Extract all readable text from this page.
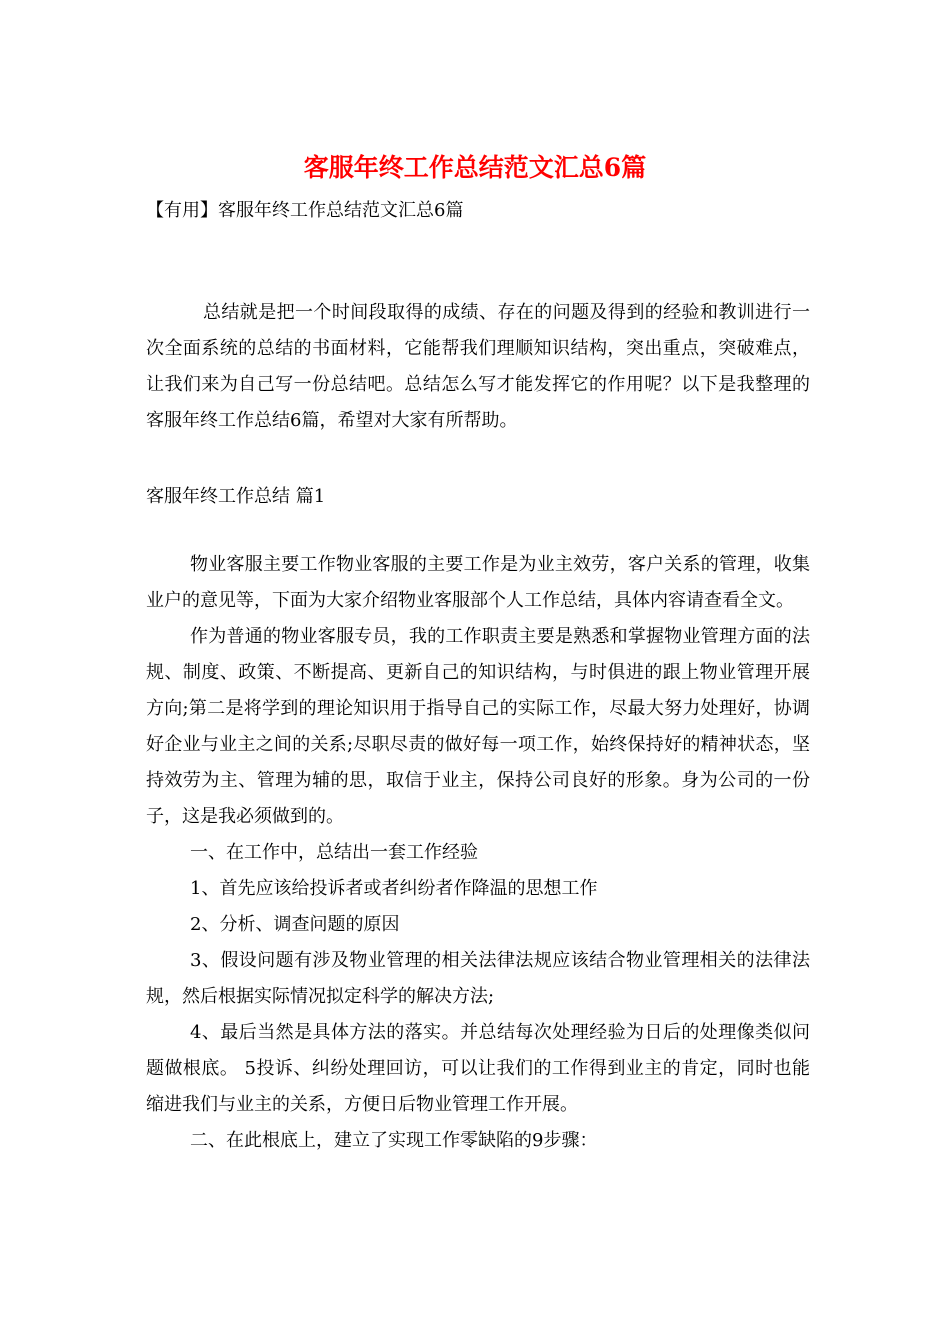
客服年终工作总结范文汇总6篇
【有用】客服年终工作总结范文汇总6篇

总结就是把一个时间段取得的成绩、存在的问题及得到的经验和教训进行一次全面系统的总结的书面材料，它能帮我们理顺知识结构，突出重点，突破难点，让我们来为自己写一份总结吧。总结怎么写才能发挥它的作用呢？以下是我整理的客服年终工作总结6篇，希望对大家有所帮助。

客服年终工作总结 篇1

物业客服主要工作物业客服的主要工作是为业主效劳，客户关系的管理，收集业户的意见等，下面为大家介绍物业客服部个人工作总结，具体内容请查看全文。

作为普通的物业客服专员，我的工作职责主要是熟悉和掌握物业管理方面的法规、制度、政策、不断提高、更新自己的知识结构，与时俱进的跟上物业管理开展方向;第二是将学到的理论知识用于指导自己的实际工作，尽最大努力处理好，协调好企业与业主之间的关系;尽职尽责的做好每一项工作，始终保持好的精神状态，坚持效劳为主、管理为辅的思，取信于业主，保持公司良好的形象。身为公司的一份子，这是我必须做到的。

一、在工作中，总结出一套工作经验

1、首先应该给投诉者或者纠纷者作降温的思想工作

2、分析、调查问题的原因

3、假设问题有涉及物业管理的相关法律法规应该结合物业管理相关的法律法规，然后根据实际情况拟定科学的解决方法;

4、最后当然是具体方法的落实。并总结每次处理经验为日后的处理像类似问题做根底。 5投诉、纠纷处理回访，可以让我们的工作得到业主的肯定，同时也能缩进我们与业主的关系，方便日后物业管理工作开展。

二、在此根底上，建立了实现工作零缺陷的9步骤：
